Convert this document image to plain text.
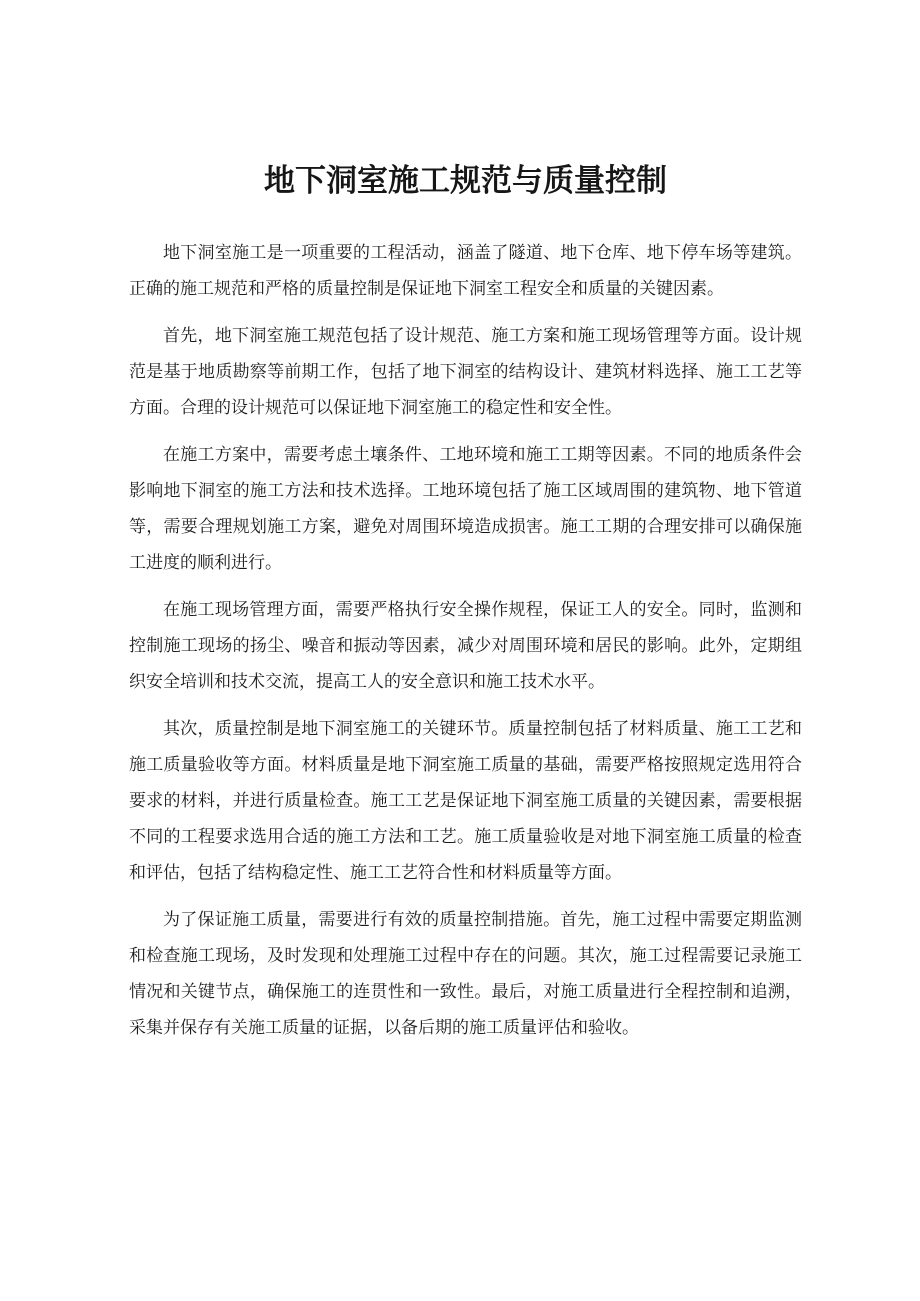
地下洞室施工规范与质量控制

地下洞室施工是一项重要的工程活动，涵盖了隧道、地下仓库、地下停车场等建筑。正确的施工规范和严格的质量控制是保证地下洞室工程安全和质量的关键因素。

首先，地下洞室施工规范包括了设计规范、施工方案和施工现场管理等方面。设计规范是基于地质勘察等前期工作，包括了地下洞室的结构设计、建筑材料选择、施工工艺等方面。合理的设计规范可以保证地下洞室施工的稳定性和安全性。

在施工方案中，需要考虑土壤条件、工地环境和施工工期等因素。不同的地质条件会影响地下洞室的施工方法和技术选择。工地环境包括了施工区域周围的建筑物、地下管道等，需要合理规划施工方案，避免对周围环境造成损害。施工工期的合理安排可以确保施工进度的顺利进行。

在施工现场管理方面，需要严格执行安全操作规程，保证工人的安全。同时，监测和控制施工现场的扬尘、噪音和振动等因素，减少对周围环境和居民的影响。此外，定期组织安全培训和技术交流，提高工人的安全意识和施工技术水平。

其次，质量控制是地下洞室施工的关键环节。质量控制包括了材料质量、施工工艺和施工质量验收等方面。材料质量是地下洞室施工质量的基础，需要严格按照规定选用符合要求的材料，并进行质量检查。施工工艺是保证地下洞室施工质量的关键因素，需要根据不同的工程要求选用合适的施工方法和工艺。施工质量验收是对地下洞室施工质量的检查和评估，包括了结构稳定性、施工工艺符合性和材料质量等方面。

为了保证施工质量，需要进行有效的质量控制措施。首先，施工过程中需要定期监测和检查施工现场，及时发现和处理施工过程中存在的问题。其次，施工过程需要记录施工情况和关键节点，确保施工的连贯性和一致性。最后，对施工质量进行全程控制和追溯，采集并保存有关施工质量的证据，以备后期的施工质量评估和验收。
